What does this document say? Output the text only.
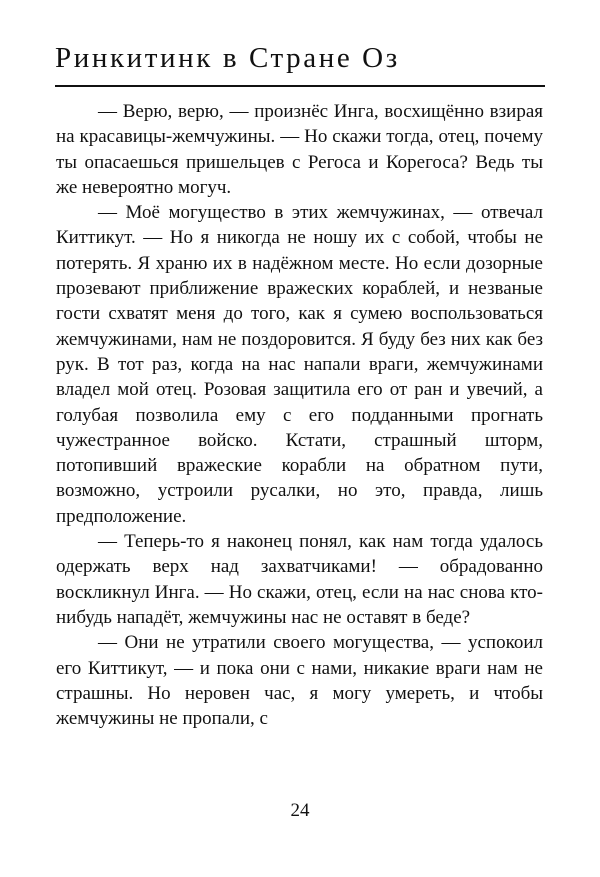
Ринкитинк в Стране Оз

— Верю, верю, — произнёс Инга, восхищённо взирая на красавицы-жемчужины. — Но скажи тогда, отец, почему ты опасаешься пришельцев с Регоса и Корегоса? Ведь ты же невероятно могуч.

— Моё могущество в этих жемчужинах, — отвечал Киттикут. — Но я никогда не ношу их с собой, чтобы не потерять. Я храню их в надёжном месте. Но если дозорные прозевают приближение вражеских кораблей, и незваные гости схватят меня до того, как я сумею воспользоваться жемчужинами, нам не поздоровится. Я буду без них как без рук. В тот раз, когда на нас напали враги, жемчужинами владел мой отец. Розовая защитила его от ран и увечий, а голубая позволила ему с его подданными прогнать чужестранное войско. Кстати, страшный шторм, потопивший вражеские корабли на обратном пути, возможно, устроили русалки, но это, правда, лишь предположение.

— Теперь-то я наконец понял, как нам тогда удалось одержать верх над захватчиками! — обрадованно воскликнул Инга. — Но скажи, отец, если на нас снова кто-нибудь нападёт, жемчужины нас не оставят в беде?

— Они не утратили своего могущества, — успокоил его Киттикут, — и пока они с нами, никакие враги нам не страшны. Но неровен час, я могу умереть, и чтобы жемчужины не пропали, с

24
